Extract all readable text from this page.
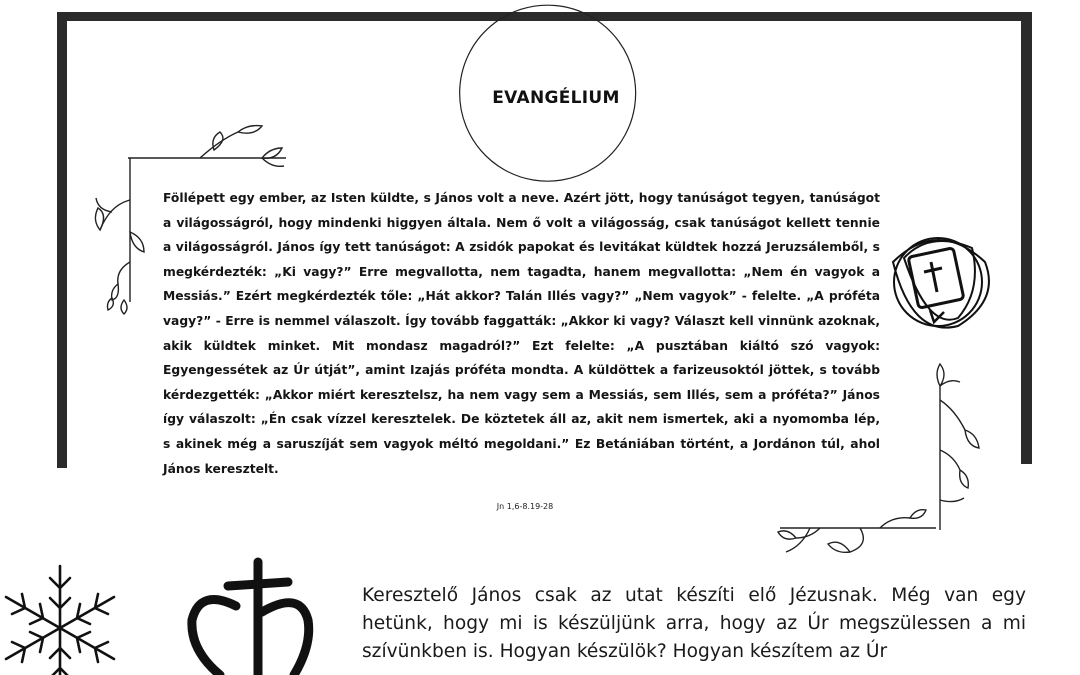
EVANGÉLIUM
Föllépett egy ember, az Isten küldte, s János volt a neve. Azért jött, hogy tanúságot tegyen, tanúságot a világosságról, hogy mindenki higgyen általa. Nem ő volt a világosság, csak tanúságot kellett tennie a világosságról. János így tett tanúságot: A zsidók papokat és levitákat küldtek hozzá Jeruzsálemből, s megkérdezték: „Ki vagy?” Erre megvallotta, nem tagadta, hanem megvallotta: „Nem én vagyok a Messiás.” Ezért megkérdezték tőle: „Hát akkor? Talán Illés vagy?” „Nem vagyok” - felelte. „A próféta vagy?” - Erre is nemmel válaszolt. Így tovább faggatták: „Akkor ki vagy? Választ kell vinnünk azoknak, akik küldtek minket. Mit mondasz magadról?” Ezt felelte: „A pusztában kiáltó szó vagyok: Egyengessétek az Úr útját”, amint Izajás próféta mondta. A küldöttek a farizeusoktól jöttek, s tovább kérdezgették: „Akkor miért keresztelsz, ha nem vagy sem a Messiás, sem Illés, sem a próféta?” János így válaszolt: „Én csak vízzel keresztelek. De köztetek áll az, akit nem ismertek, aki a nyomomba lép, s akinek még a saruszíját sem vagyok méltó megoldani.” Ez Betániában történt, a Jordánon túl, ahol János keresztelt.
Jn 1,6-8.19-28
Keresztelő János csak az utat készíti elő Jézusnak. Még van egy hetünk, hogy mi is készüljünk arra, hogy az Úr megszülessen a mi szívünkben is. Hogyan készülök? Hogyan készítem az Úr
